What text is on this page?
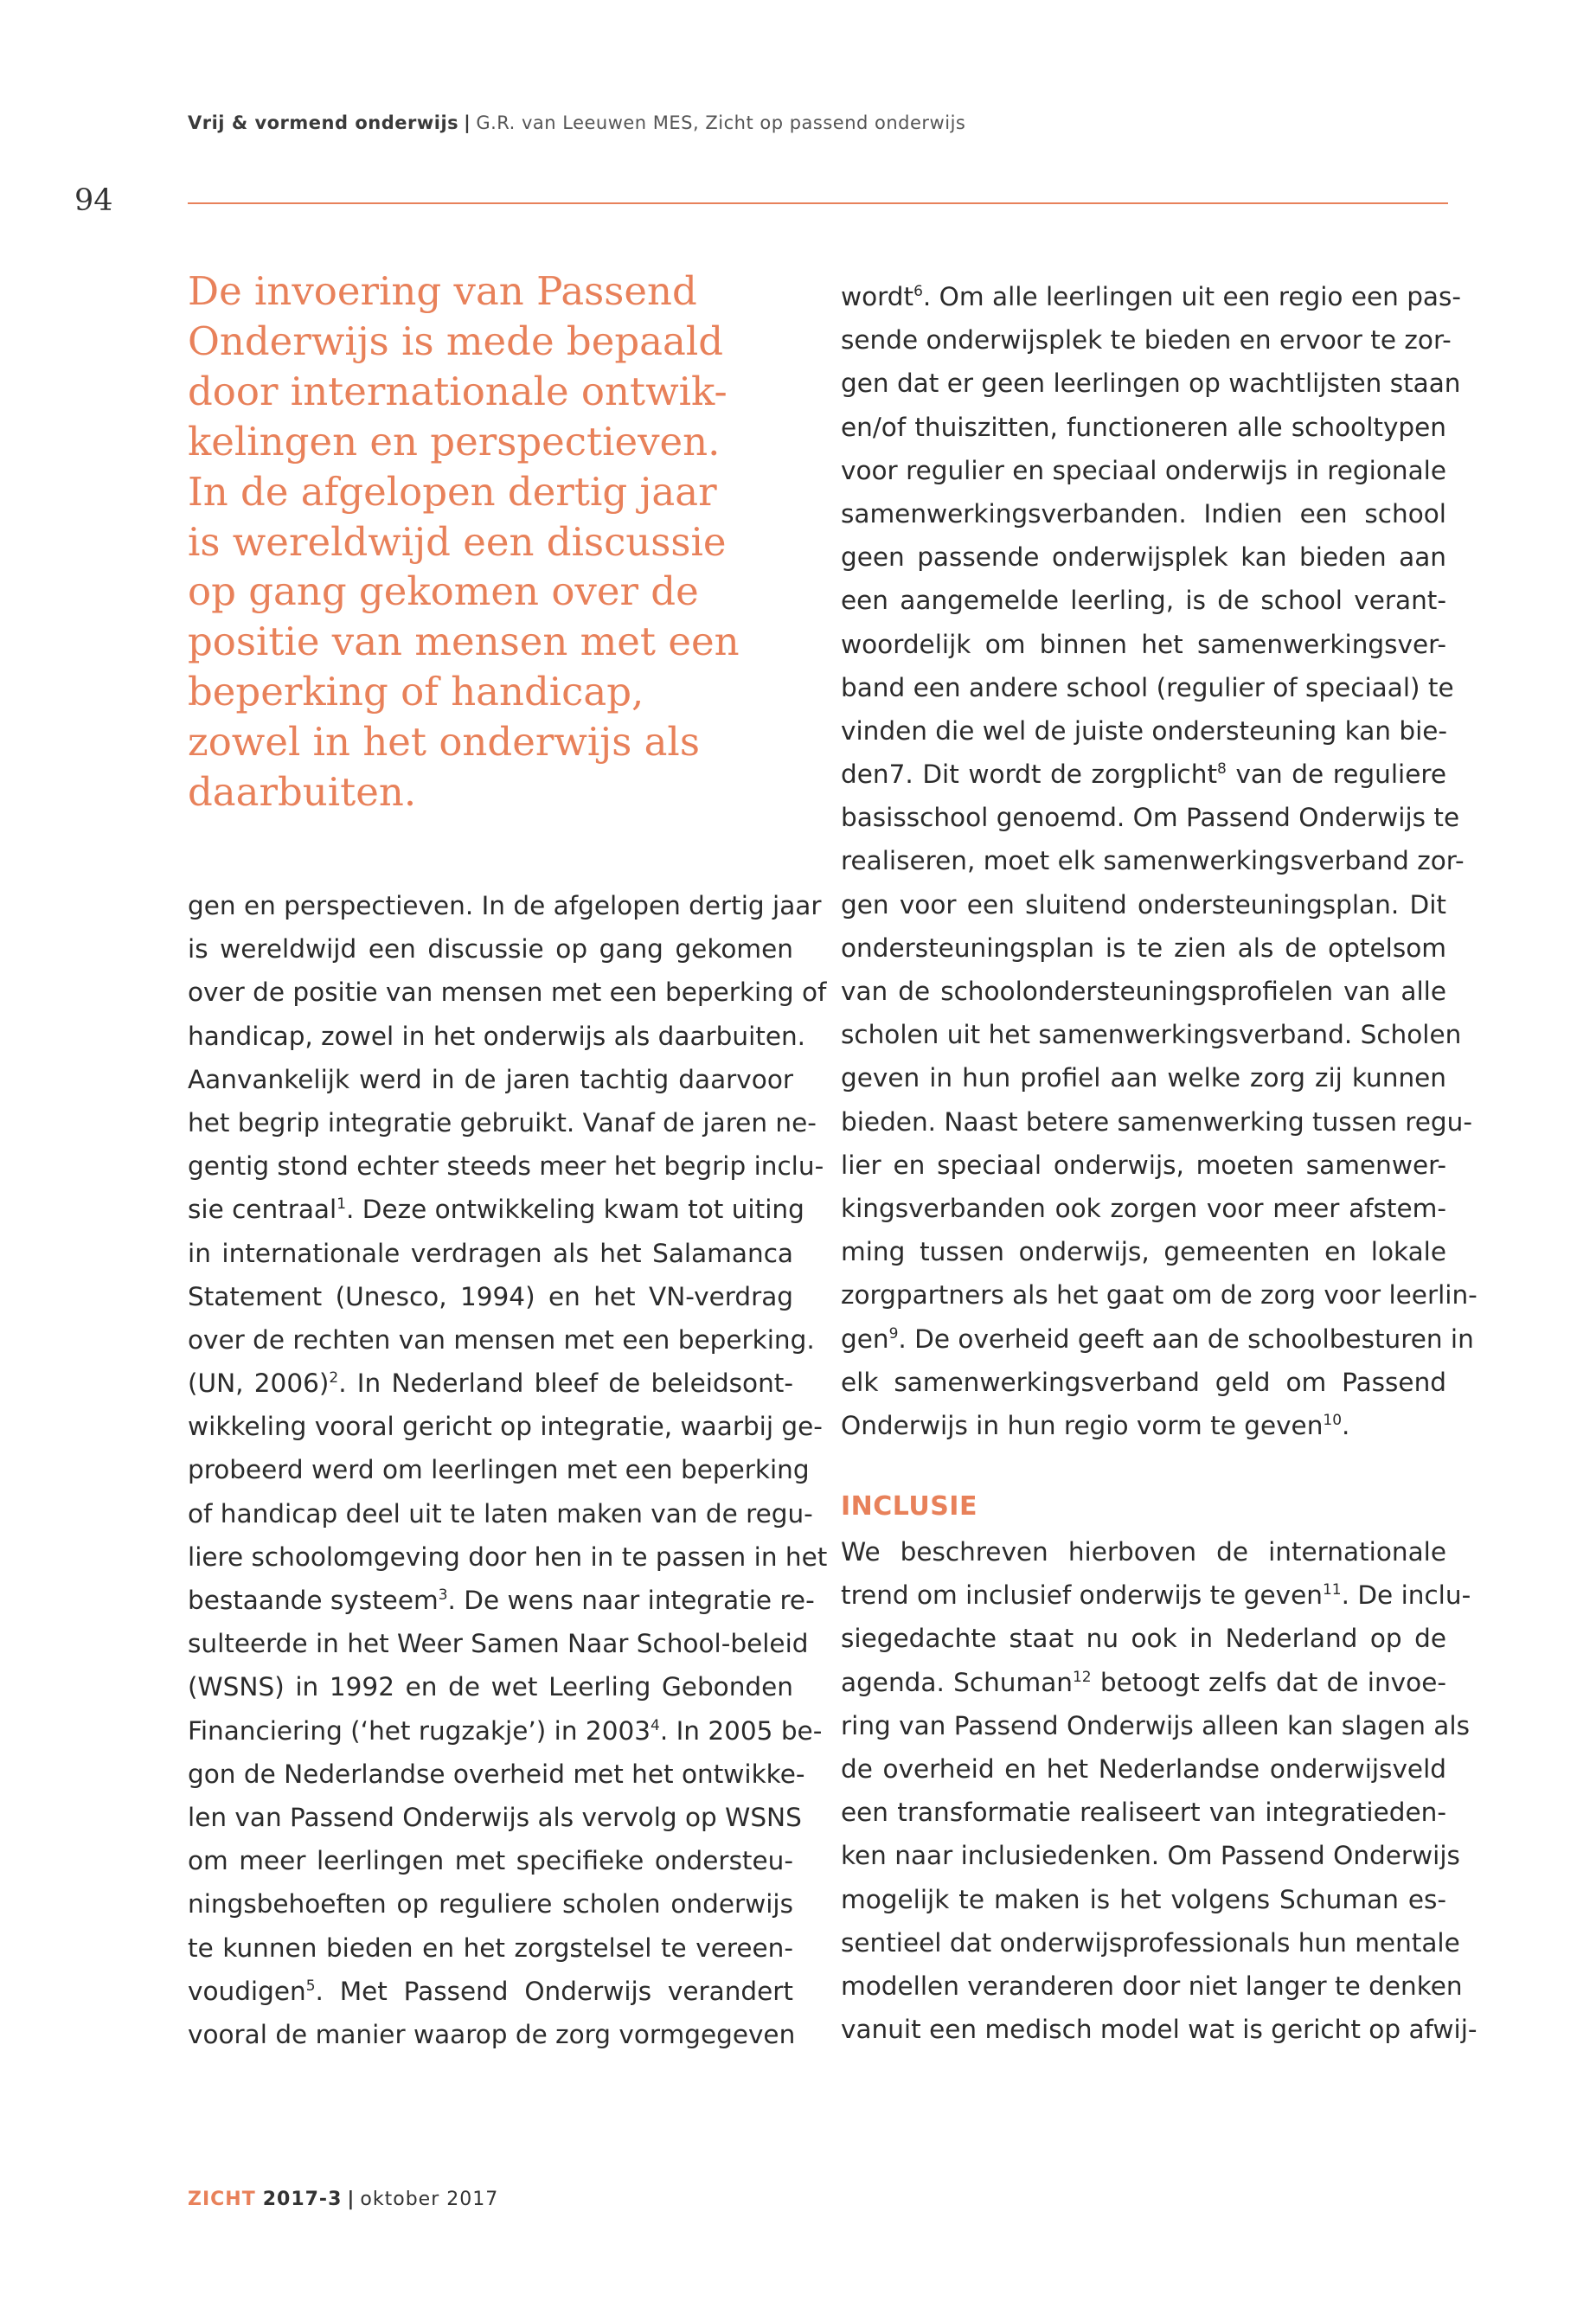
Vrij & vormend onderwijs | G.R. van Leeuwen MES, Zicht op passend onderwijs
94
De invoering van Passend
Onderwijs is mede bepaald
door internationale ontwik-
kelingen en perspectieven.
In de afgelopen dertig jaar
is wereldwijd een discussie
op gang gekomen over de
positie van mensen met een
beperking of handicap,
zowel in het onderwijs als
daarbuiten.
gen en perspectieven. In de afgelopen dertig jaar
is wereldwijd een discussie op gang gekomen
over de positie van mensen met een beperking of
handicap, zowel in het onderwijs als daarbuiten.
Aanvankelijk werd in de jaren tachtig daarvoor
het begrip integratie gebruikt. Vanaf de jaren ne-
gentig stond echter steeds meer het begrip inclu-
sie centraal$^1$. Deze ontwikkeling kwam tot uiting
in internationale verdragen als het Salamanca
Statement (Unesco, 1994) en het VN-verdrag
over de rechten van mensen met een beperking.
(UN, 2006)$^2$. In Nederland bleef de beleidsont-
wikkeling vooral gericht op integratie, waarbij ge-
probeerd werd om leerlingen met een beperking
of handicap deel uit te laten maken van de regu-
liere schoolomgeving door hen in te passen in het
bestaande systeem$^3$. De wens naar integratie re-
sulteerde in het Weer Samen Naar School-beleid
(WSNS) in 1992 en de wet Leerling Gebonden
Financiering (‘het rugzakje’) in 2003$^4$. In 2005 be-
gon de Nederlandse overheid met het ontwikke-
len van Passend Onderwijs als vervolg op WSNS
om meer leerlingen met specifieke ondersteu-
ningsbehoeften op reguliere scholen onderwijs
te kunnen bieden en het zorgstelsel te vereen-
voudigen$^5$. Met Passend Onderwijs verandert
vooral de manier waarop de zorg vormgegeven
wordt$^6$. Om alle leerlingen uit een regio een pas-
sende onderwijsplek te bieden en ervoor te zor-
gen dat er geen leerlingen op wachtlijsten staan
en/of thuiszitten, functioneren alle schooltypen
voor regulier en speciaal onderwijs in regionale
samenwerkingsverbanden. Indien een school
geen passende onderwijsplek kan bieden aan
een aangemelde leerling, is de school verant-
woordelijk om binnen het samenwerkingsver-
band een andere school (regulier of speciaal) te
vinden die wel de juiste ondersteuning kan bie-
den7. Dit wordt de zorgplicht$^8$ van de reguliere
basisschool genoemd. Om Passend Onderwijs te
realiseren, moet elk samenwerkingsverband zor-
gen voor een sluitend ondersteuningsplan. Dit
ondersteuningsplan is te zien als de optelsom
van de schoolondersteuningsprofielen van alle
scholen uit het samenwerkingsverband. Scholen
geven in hun profiel aan welke zorg zij kunnen
bieden. Naast betere samenwerking tussen regu-
lier en speciaal onderwijs, moeten samenwer-
kingsverbanden ook zorgen voor meer afstem-
ming tussen onderwijs, gemeenten en lokale
zorgpartners als het gaat om de zorg voor leerlin-
gen$^9$. De overheid geeft aan de schoolbesturen in
elk samenwerkingsverband geld om Passend
Onderwijs in hun regio vorm te geven$^{10}$.
INCLUSIE
We beschreven hierboven de internationale
trend om inclusief onderwijs te geven$^{11}$. De inclu-
siegedachte staat nu ook in Nederland op de
agenda. Schuman$^{12}$ betoogt zelfs dat de invoe-
ring van Passend Onderwijs alleen kan slagen als
de overheid en het Nederlandse onderwijsveld
een transformatie realiseert van integratieden-
ken naar inclusiedenken. Om Passend Onderwijs
mogelijk te maken is het volgens Schuman es-
sentieel dat onderwijsprofessionals hun mentale
modellen veranderen door niet langer te denken
vanuit een medisch model wat is gericht op afwij-
ZICHT 2017-3 | oktober 2017
